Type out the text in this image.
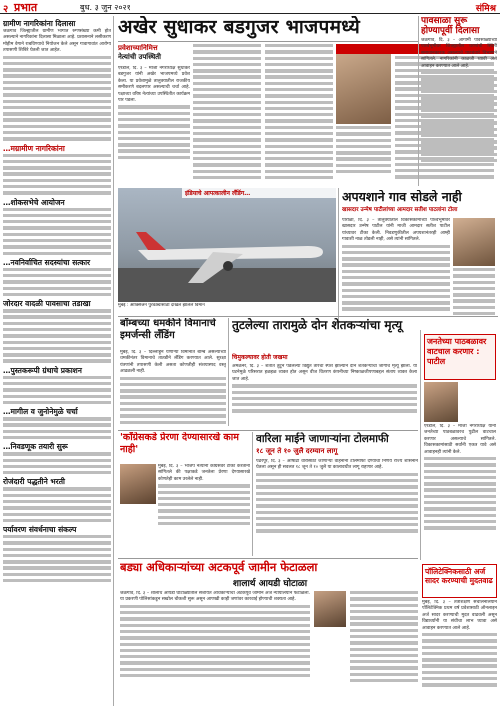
२ प्रभात	बुध. ३ जुन २०२१	संमिश्र
ग्रामीण नागरिकांना दिलासा

जळगाव जिल्ह्यातील ग्रामीण भागात रुग्णसंख्या कमी होत असल्याने नागरिकांना दिलासा मिळाला आहे. प्रशासनाने लसीकरण मोहीम वेगाने राबविण्याचे नियोजन केले असून गावागावांत आरोग्य तपासणी शिबिरे घेतली जात आहेत.

…मग्रामीण नागरिकांना
…शोकसभेचे आयोजन
…नवनिर्वाचित सदस्यांचा सत्कार
जोरदार वादळी पावसाचा तडाखा
…पुस्तकरूपी ग्रंथाचे प्रकाशन
…मागील व जुनोनेमुळे चर्चा
…निवडणूक तयारी सुरू
रोजंदारी पद्धतीने भरती
पर्यावरण संवर्धनाचा संकल्प
अखेर सुधाकर बडगुजर भाजपमध्ये
प्रवेशाच्यानिमित्त
नेत्यांची उपस्थिती

एरंडोल, दि. ३ – माजी नगराध्यक्ष सुधाकर बडगुजर यांनी अखेर भाजपमध्ये प्रवेश केला. या प्रवेशामुळे तालुक्यातील राजकीय समीकरणे बदलणार असल्याची चर्चा आहे. पक्षाच्या वरिष्ठ नेत्यांच्या उपस्थितीत कार्यक्रम पार पडला.

पावसाळा सुरू होण्यापूर्वी दिलासा

जळगाव, दि. ३ – आगामी पावसाळ्याच्या पार्श्वभूमीवर जिल्ह्यातील धरणांची स्थिती समाधानकारक असल्याचे पाटबंधारे विभागाने सांगितले. नागरिकांनी काळजी घ्यावी असे आवाहन करण्यात आले आहे.

इंडियाचे आपत्कालीन लँडिंग…
मुंबई : ऑक्सिजन पुरवठ्यासाठी दाखल झालेले विमान
अपयशाने गाव सोडले नाही
खासदार उन्मेष पाटीलांच्या आमदार सतीश पाटलांना टोला

पारोळा, दि. ३ – तालुक्यातील विकासकामांच्या पार्श्वभूमीवर खासदार उन्मेष पाटील यांनी माजी आमदार सतीश पाटील यांच्यावर टीका केली. निवडणुकीतील अपयशानंतरही आम्ही गावाशी नाळ तोडली नाही, असे त्यांनी सांगितले.

बॉम्बच्या धमकीने विमानाचे इमर्जन्सी लँडिंग

मुंबई, दि. ३ – दिल्लीहून येणाऱ्या विमानात बॉम्ब असल्याच्या धमकीनंतर विमानाचे तातडीने लँडिंग करण्यात आले. सुरक्षा यंत्रणांनी तपासणी केली असता कोणतीही संशयास्पद वस्तू आढळली नाही.

तुटलेल्या तारामुळे दोन शेतकऱ्यांचा मृत्यू
चिमुकल्यावर होती जखमा

अमळनेर, दि. ३ – शेतात तुटून पडलेल्या विद्युत तारेचा स्पर्श झाल्याने दोन शेतकऱ्यांचा जागीच मृत्यू झाला. या घटनेमुळे परिसरात हळहळ व्यक्त होत असून वीज वितरण कंपनीच्या निष्काळजीपणाबद्दल संताप व्यक्त केला जात आहे.

जनतेच्या पाठबळावर वाटचाल करणार : पाटील

एरंडोल, दि. ३ – माजी नगराध्यक्ष यांनी जनतेच्या पाठबळावरच पुढील वाटचाल करणार असल्याचे सांगितले. विकासकामांसाठी सर्वांनी एकत्र यावे असे आवाहनही त्यांनी केले.

'काँग्रेसकडे प्रेरणा देण्यासारखे काम नाही'

मुंबई, दि. ३ – भाजप नेत्यांनी काँग्रेसवर टीका करताना सांगितले की पक्षाकडे जनतेला प्रेरणा देण्यासारखे कोणतेही काम उरलेले नाही.

वारिला माईने जाणाऱ्यांना टोलमाफी
१८ जून ते १० जुलै दरम्यान लागू

पंढरपूर, दि. ३ – आषाढी वारीसाठी जाणाऱ्या वाहनांना टोलमाफी देण्याचा निर्णय राज्य शासनाने घेतला असून ही सवलत १८ जून ते १० जुलै या कालावधीत लागू राहणार आहे.

बड्या अधिकाऱ्यांच्या अटकपूर्व जामीन फेटाळला
शालार्थ आयडी घोटाळा

जळगाव, दि. ३ – शालार्थ आयडी घोटाळ्यातील संशयित अधिकाऱ्यांचा अटकपूर्व जामीन अर्ज न्यायालयाने फेटाळला. या प्रकरणी पोलिसांकडून सखोल चौकशी सुरू असून आणखी काही जणांवर कारवाई होण्याची शक्यता आहे.

पॉलिटेक्निकसाठी अर्ज सादर करण्याची मुदतवाढ

मुंबई, दि. ३ – तंत्रशिक्षण संचालनालयाने पॉलिटेक्निक प्रथम वर्ष प्रवेशासाठी ऑनलाइन अर्ज सादर करण्याची मुदत वाढवली असून विद्यार्थ्यांनी या संधीचा लाभ घ्यावा असे आवाहन करण्यात आले आहे.
